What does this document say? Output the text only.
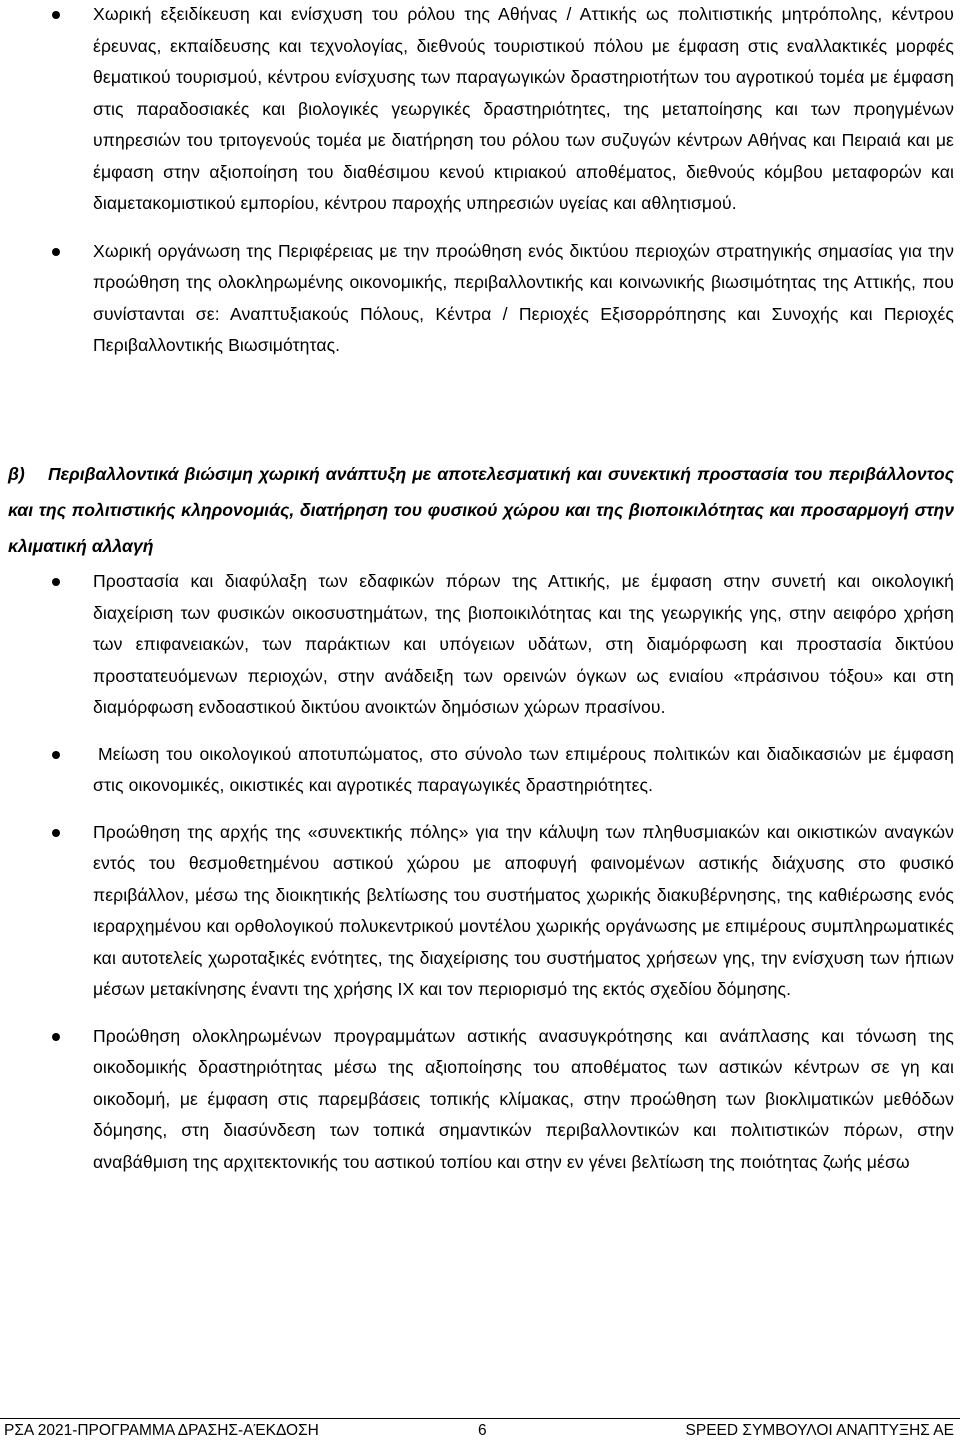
Χωρική εξειδίκευση και ενίσχυση του ρόλου της Αθήνας / Αττικής ως πολιτιστικής μητρόπολης, κέντρου έρευνας, εκπαίδευσης και τεχνολογίας, διεθνούς τουριστικού πόλου με έμφαση στις εναλλακτικές μορφές θεματικού τουρισμού, κέντρου ενίσχυσης των παραγωγικών δραστηριοτήτων του αγροτικού τομέα με έμφαση στις παραδοσιακές και βιολογικές γεωργικές δραστηριότητες, της μεταποίησης και των προηγμένων υπηρεσιών του τριτογενούς τομέα με διατήρηση του ρόλου των συζυγών κέντρων Αθήνας και Πειραιά και με έμφαση στην αξιοποίηση του διαθέσιμου κενού κτιριακού αποθέματος, διεθνούς κόμβου μεταφορών και διαμετακομιστικού εμπορίου, κέντρου παροχής υπηρεσιών υγείας και αθλητισμού.
Χωρική οργάνωση της Περιφέρειας με την προώθηση ενός δικτύου περιοχών στρατηγικής σημασίας για την προώθηση της ολοκληρωμένης οικονομικής, περιβαλλοντικής και κοινωνικής βιωσιμότητας της Αττικής, που συνίστανται σε: Αναπτυξιακούς Πόλους, Κέντρα / Περιοχές Εξισορρόπησης και Συνοχής και Περιοχές Περιβαλλοντικής Βιωσιμότητας.
β) Περιβαλλοντικά βιώσιμη χωρική ανάπτυξη με αποτελεσματική και συνεκτική προστασία του περιβάλλοντος και της πολιτιστικής κληρονομιάς, διατήρηση του φυσικού χώρου και της βιοποικιλότητας και προσαρμογή στην κλιματική αλλαγή
Προστασία και διαφύλαξη των εδαφικών πόρων της Αττικής, με έμφαση στην συνετή και οικολογική διαχείριση των φυσικών οικοσυστημάτων, της βιοποικιλότητας και της γεωργικής γης, στην αειφόρο χρήση των επιφανειακών, των παράκτιων και υπόγειων υδάτων, στη διαμόρφωση και προστασία δικτύου προστατευόμενων περιοχών, στην ανάδειξη των ορεινών όγκων ως ενιαίου «πράσινου τόξου» και στη διαμόρφωση ενδοαστικού δικτύου ανοικτών δημόσιων χώρων πρασίνου.
Μείωση του οικολογικού αποτυπώματος, στο σύνολο των επιμέρους πολιτικών και διαδικασιών με έμφαση στις οικονομικές, οικιστικές και αγροτικές παραγωγικές δραστηριότητες.
Προώθηση της αρχής της «συνεκτικής πόλης» για την κάλυψη των πληθυσμιακών και οικιστικών αναγκών εντός του θεσμοθετημένου αστικού χώρου με αποφυγή φαινομένων αστικής διάχυσης στο φυσικό περιβάλλον, μέσω της διοικητικής βελτίωσης του συστήματος χωρικής διακυβέρνησης, της καθιέρωσης ενός ιεραρχημένου και ορθολογικού πολυκεντρικού μοντέλου χωρικής οργάνωσης με επιμέρους συμπληρωματικές και αυτοτελείς χωροταξικές ενότητες, της διαχείρισης του συστήματος χρήσεων γης, την ενίσχυση των ήπιων μέσων μετακίνησης έναντι της χρήσης ΙΧ και τον περιορισμό της εκτός σχεδίου δόμησης.
Προώθηση ολοκληρωμένων προγραμμάτων αστικής ανασυγκρότησης και ανάπλασης και τόνωση της οικοδομικής δραστηριότητας μέσω της αξιοποίησης του αποθέματος των αστικών κέντρων σε γη και οικοδομή, με έμφαση στις παρεμβάσεις τοπικής κλίμακας, στην προώθηση των βιοκλιματικών μεθόδων δόμησης, στη διασύνδεση των τοπικά σημαντικών περιβαλλοντικών και πολιτιστικών πόρων, στην αναβάθμιση της αρχιτεκτονικής του αστικού τοπίου και στην εν γένει βελτίωση της ποιότητας ζωής μέσω
ΡΣΑ 2021-ΠΡΟΓΡΑΜΜΑ ΔΡΑΣΗΣ-ΑΈΚΔΟΣΗ	6	SPEED ΣΥΜΒΟΥΛΟΙ ΑΝΑΠΤΥΞΗΣ ΑΕ
